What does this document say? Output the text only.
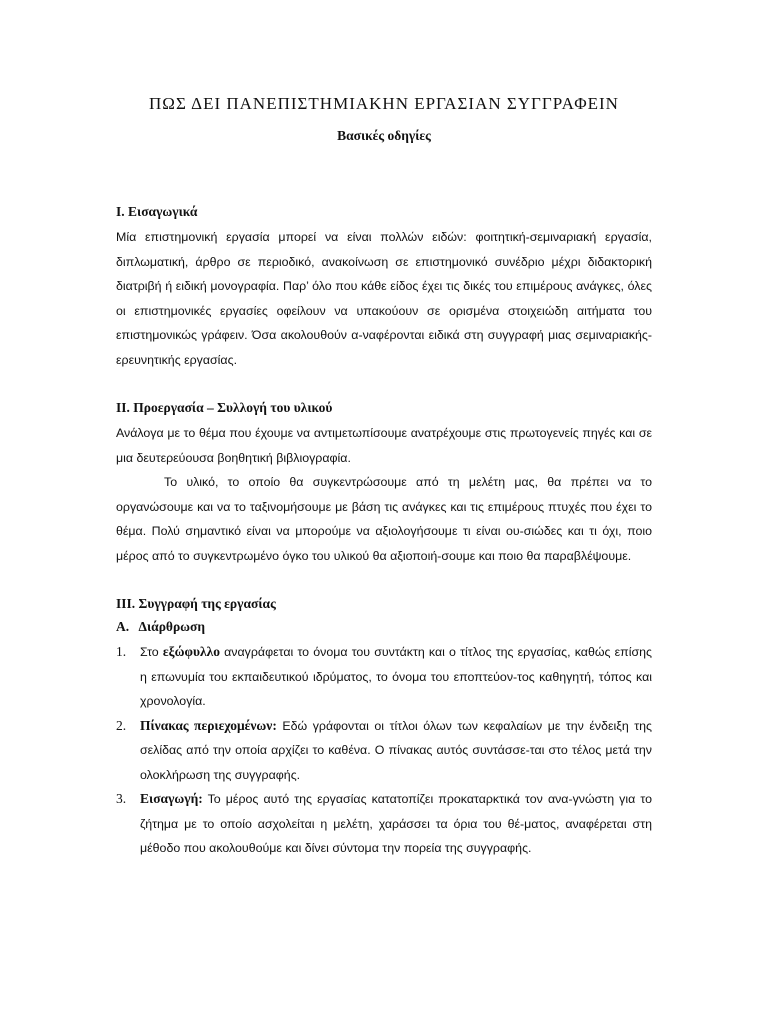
ΠΩΣ ΔΕΙ ΠΑΝΕΠΙΣΤΗΜΙΑΚΗΝ ΕΡΓΑΣΙΑΝ ΣΥΓΓΡΑΦΕΙΝ
Βασικές οδηγίες
I. Εισαγωγικά

Μία επιστημονική εργασία μπορεί να είναι πολλών ειδών: φοιτητική-σεμιναριακή εργασία, διπλωματική, άρθρο σε περιοδικό, ανακοίνωση σε επιστημονικό συνέδριο μέχρι διδακτορική διατριβή ή ειδική μονογραφία. Παρ’ όλο που κάθε είδος έχει τις δικές του επιμέρους ανάγκες, όλες οι επιστημονικές εργασίες οφείλουν να υπακούουν σε ορισμένα στοιχειώδη αιτήματα του επιστημονικώς γράφειν. Όσα ακολουθούν α-ναφέρονται ειδικά στη συγγραφή μιας σεμιναριακής-ερευνητικής εργασίας.

II. Προεργασία – Συλλογή του υλικού

Ανάλογα με το θέμα που έχουμε να αντιμετωπίσουμε ανατρέχουμε στις πρωτογενείς πηγές και σε μια δευτερεύουσα βοηθητική βιβλιογραφία.

Το υλικό, το οποίο θα συγκεντρώσουμε από τη μελέτη μας, θα πρέπει να το οργανώσουμε και να το ταξινομήσουμε με βάση τις ανάγκες και τις επιμέρους πτυχές που έχει το θέμα. Πολύ σημαντικό είναι να μπορούμε να αξιολογήσουμε τι είναι ου-σιώδες και τι όχι, ποιο μέρος από το συγκεντρωμένο όγκο του υλικού θα αξιοποιή-σουμε και ποιο θα παραβλέψουμε.

III. Συγγραφή της εργασίας
Α.   Διάρθρωση
1. Στο εξώφυλλο αναγράφεται το όνομα του συντάκτη και ο τίτλος της εργασίας, καθώς επίσης η επωνυμία του εκπαιδευτικού ιδρύματος, το όνομα του εποπτεύον-τος καθηγητή, τόπος και χρονολογία.
2. Πίνακας περιεχομένων: Εδώ γράφονται οι τίτλοι όλων των κεφαλαίων με την ένδειξη της σελίδας από την οποία αρχίζει το καθένα. Ο πίνακας αυτός συντάσσε-ται στο τέλος μετά την ολοκλήρωση της συγγραφής.
3. Εισαγωγή: Το μέρος αυτό της εργασίας κατατοπίζει προκαταρκτικά τον ανα-γνώστη για το ζήτημα με το οποίο ασχολείται η μελέτη, χαράσσει τα όρια του θέ-ματος, αναφέρεται στη μέθοδο που ακολουθούμε και δίνει σύντομα την πορεία της συγγραφής.
